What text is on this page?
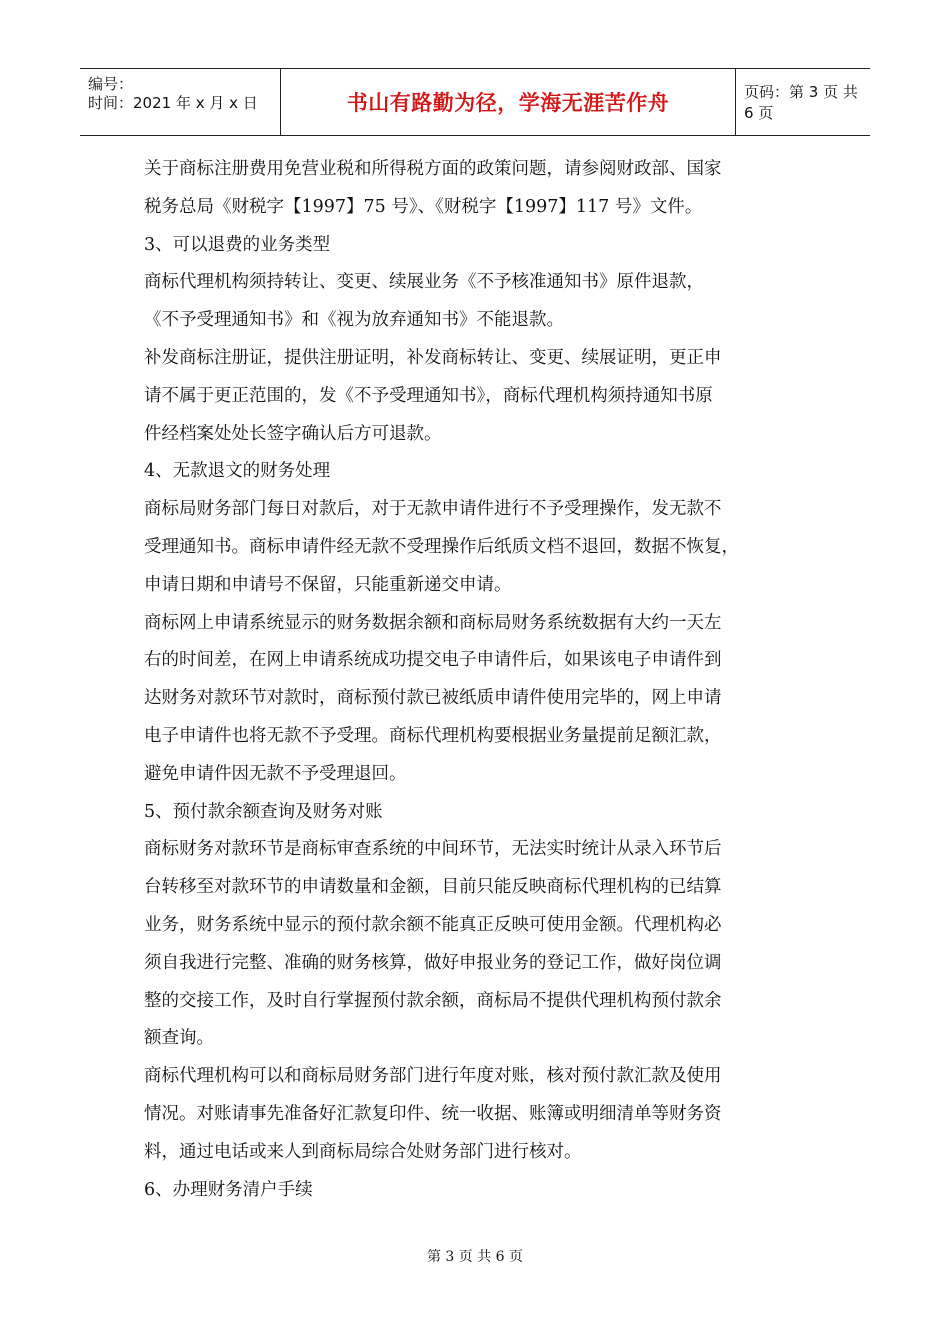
编号：
时间：2021 年 x 月 x 日	书山有路勤为径，学海无涯苦作舟	页码：第 3 页 共 6 页

关于商标注册费用免营业税和所得税方面的政策问题，请参阅财政部、国家

税务总局《财税字【1997】75 号》、《财税字【1997】117 号》文件。

3、可以退费的业务类型

商标代理机构须持转让、变更、续展业务《不予核准通知书》原件退款，

《不予受理通知书》和《视为放弃通知书》不能退款。

补发商标注册证，提供注册证明，补发商标转让、变更、续展证明，更正申

请不属于更正范围的，发《不予受理通知书》，商标代理机构须持通知书原

件经档案处处长签字确认后方可退款。

4、无款退文的财务处理

商标局财务部门每日对款后，对于无款申请件进行不予受理操作，发无款不

受理通知书。商标申请件经无款不受理操作后纸质文档不退回，数据不恢复，

申请日期和申请号不保留，只能重新递交申请。

商标网上申请系统显示的财务数据余额和商标局财务系统数据有大约一天左

右的时间差，在网上申请系统成功提交电子申请件后，如果该电子申请件到

达财务对款环节对款时，商标预付款已被纸质申请件使用完毕的，网上申请

电子申请件也将无款不予受理。商标代理机构要根据业务量提前足额汇款，

避免申请件因无款不予受理退回。

5、预付款余额查询及财务对账

商标财务对款环节是商标审查系统的中间环节，无法实时统计从录入环节后

台转移至对款环节的申请数量和金额，目前只能反映商标代理机构的已结算

业务，财务系统中显示的预付款余额不能真正反映可使用金额。代理机构必

须自我进行完整、准确的财务核算，做好申报业务的登记工作，做好岗位调

整的交接工作，及时自行掌握预付款余额，商标局不提供代理机构预付款余

额查询。

商标代理机构可以和商标局财务部门进行年度对账，核对预付款汇款及使用

情况。对账请事先准备好汇款复印件、统一收据、账簿或明细清单等财务资

料，通过电话或来人到商标局综合处财务部门进行核对。

6、办理财务清户手续

第 3 页 共 6 页
